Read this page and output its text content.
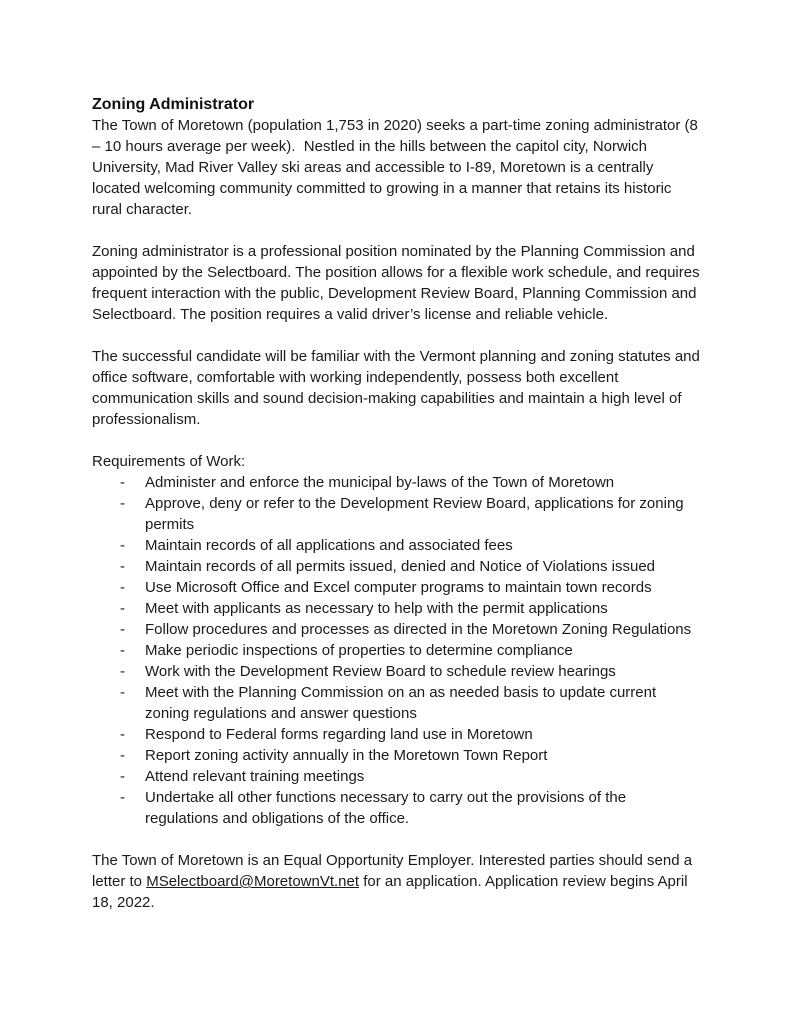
Zoning Administrator

The Town of Moretown (population 1,753 in 2020) seeks a part-time zoning administrator (8 – 10 hours average per week).  Nestled in the hills between the capitol city, Norwich University, Mad River Valley ski areas and accessible to I-89, Moretown is a centrally located welcoming community committed to growing in a manner that retains its historic rural character.

Zoning administrator is a professional position nominated by the Planning Commission and appointed by the Selectboard. The position allows for a flexible work schedule, and requires frequent interaction with the public, Development Review Board, Planning Commission and Selectboard. The position requires a valid driver’s license and reliable vehicle.

The successful candidate will be familiar with the Vermont planning and zoning statutes and office software, comfortable with working independently, possess both excellent communication skills and sound decision-making capabilities and maintain a high level of professionalism.

Requirements of Work:

- Administer and enforce the municipal by-laws of the Town of Moretown
- Approve, deny or refer to the Development Review Board, applications for zoning permits
- Maintain records of all applications and associated fees
- Maintain records of all permits issued, denied and Notice of Violations issued
- Use Microsoft Office and Excel computer programs to maintain town records
- Meet with applicants as necessary to help with the permit applications
- Follow procedures and processes as directed in the Moretown Zoning Regulations
- Make periodic inspections of properties to determine compliance
- Work with the Development Review Board to schedule review hearings
- Meet with the Planning Commission on an as needed basis to update current zoning regulations and answer questions
- Respond to Federal forms regarding land use in Moretown
- Report zoning activity annually in the Moretown Town Report
- Attend relevant training meetings
- Undertake all other functions necessary to carry out the provisions of the regulations and obligations of the office.

The Town of Moretown is an Equal Opportunity Employer. Interested parties should send a letter to MSelectboard@MoretownVt.net for an application. Application review begins April 18, 2022.
